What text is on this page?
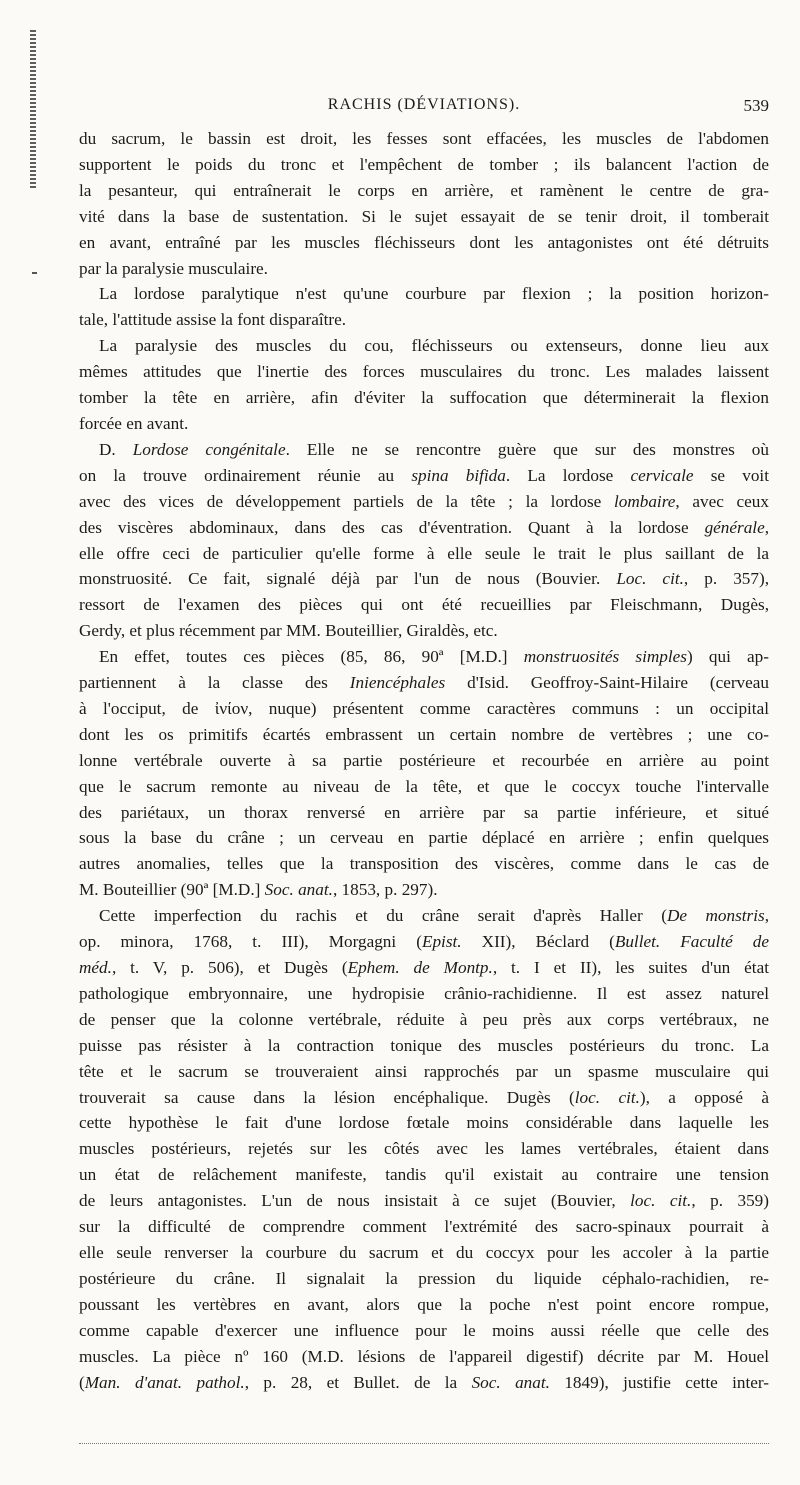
RACHIS (DÉVIATIONS).	539
du sacrum, le bassin est droit, les fesses sont effacées, les muscles de l'abdomen
supportent le poids du tronc et l'empêchent de tomber ; ils balancent l'action de
la pesanteur, qui entraînerait le corps en arrière, et ramènent le centre de gra-
vité dans la base de sustentation. Si le sujet essayait de se tenir droit, il tomberait
en avant, entraîné par les muscles fléchisseurs dont les antagonistes ont été détruits
par la paralysie musculaire.
La lordose paralytique n'est qu'une courbure par flexion ; la position horizon-
tale, l'attitude assise la font disparaître.
La paralysie des muscles du cou, fléchisseurs ou extenseurs, donne lieu aux
mêmes attitudes que l'inertie des forces musculaires du tronc. Les malades laissent
tomber la tête en arrière, afin d'éviter la suffocation que déterminerait la flexion
forcée en avant.
D. Lordose congénitale. Elle ne se rencontre guère que sur des monstres où
on la trouve ordinairement réunie au spina bifida. La lordose cervicale se voit
avec des vices de développement partiels de la tête ; la lordose lombaire, avec ceux
des viscères abdominaux, dans des cas d'éventration. Quant à la lordose générale,
elle offre ceci de particulier qu'elle forme à elle seule le trait le plus saillant de la
monstruosité. Ce fait, signalé déjà par l'un de nous (Bouvier. Loc. cit., p. 357),
ressort de l'examen des pièces qui ont été recueillies par Fleischmann, Dugès,
Gerdy, et plus récemment par MM. Bouteillier, Giraldès, etc.
En effet, toutes ces pièces (85, 86, 90ª [M.D.] monstruosités simples) qui ap-
partiennent à la classe des Iniencéphales d'Isid. Geoffroy-Saint-Hilaire (cerveau
à l'occiput, de ἰνίον, nuque) présentent comme caractères communs : un occipital
dont les os primitifs écartés embrassent un certain nombre de vertèbres ; une co-
lonne vertébrale ouverte à sa partie postérieure et recourbée en arrière au point
que le sacrum remonte au niveau de la tête, et que le coccyx touche l'intervalle
des pariétaux, un thorax renversé en arrière par sa partie inférieure, et situé
sous la base du crâne ; un cerveau en partie déplacé en arrière ; enfin quelques
autres anomalies, telles que la transposition des viscères, comme dans le cas de
M. Bouteillier (90ª [M.D.] Soc. anat., 1853, p. 297).
Cette imperfection du rachis et du crâne serait d'après Haller (De monstris,
op. minora, 1768, t. III), Morgagni (Epist. XII), Béclard (Bullet. Faculté de
méd., t. V, p. 506), et Dugès (Ephem. de Montp., t. I et II), les suites d'un état
pathologique embryonnaire, une hydropisie crânio-rachidienne. Il est assez naturel
de penser que la colonne vertébrale, réduite à peu près aux corps vertébraux, ne
puisse pas résister à la contraction tonique des muscles postérieurs du tronc. La
tête et le sacrum se trouveraient ainsi rapprochés par un spasme musculaire qui
trouverait sa cause dans la lésion encéphalique. Dugès (loc. cit.), a opposé à
cette hypothèse le fait d'une lordose fœtale moins considérable dans laquelle les
muscles postérieurs, rejetés sur les côtés avec les lames vertébrales, étaient dans
un état de relâchement manifeste, tandis qu'il existait au contraire une tension
de leurs antagonistes. L'un de nous insistait à ce sujet (Bouvier, loc. cit., p. 359)
sur la difficulté de comprendre comment l'extrémité des sacro-spinaux pourrait à
elle seule renverser la courbure du sacrum et du coccyx pour les accoler à la partie
postérieure du crâne. Il signalait la pression du liquide céphalo-rachidien, re-
poussant les vertèbres en avant, alors que la poche n'est point encore rompue,
comme capable d'exercer une influence pour le moins aussi réelle que celle des
muscles. La pièce nº 160 (M.D. lésions de l'appareil digestif) décrite par M. Houel
(Man. d'anat. pathol., p. 28, et Bullet. de la Soc. anat. 1849), justifie cette inter-
